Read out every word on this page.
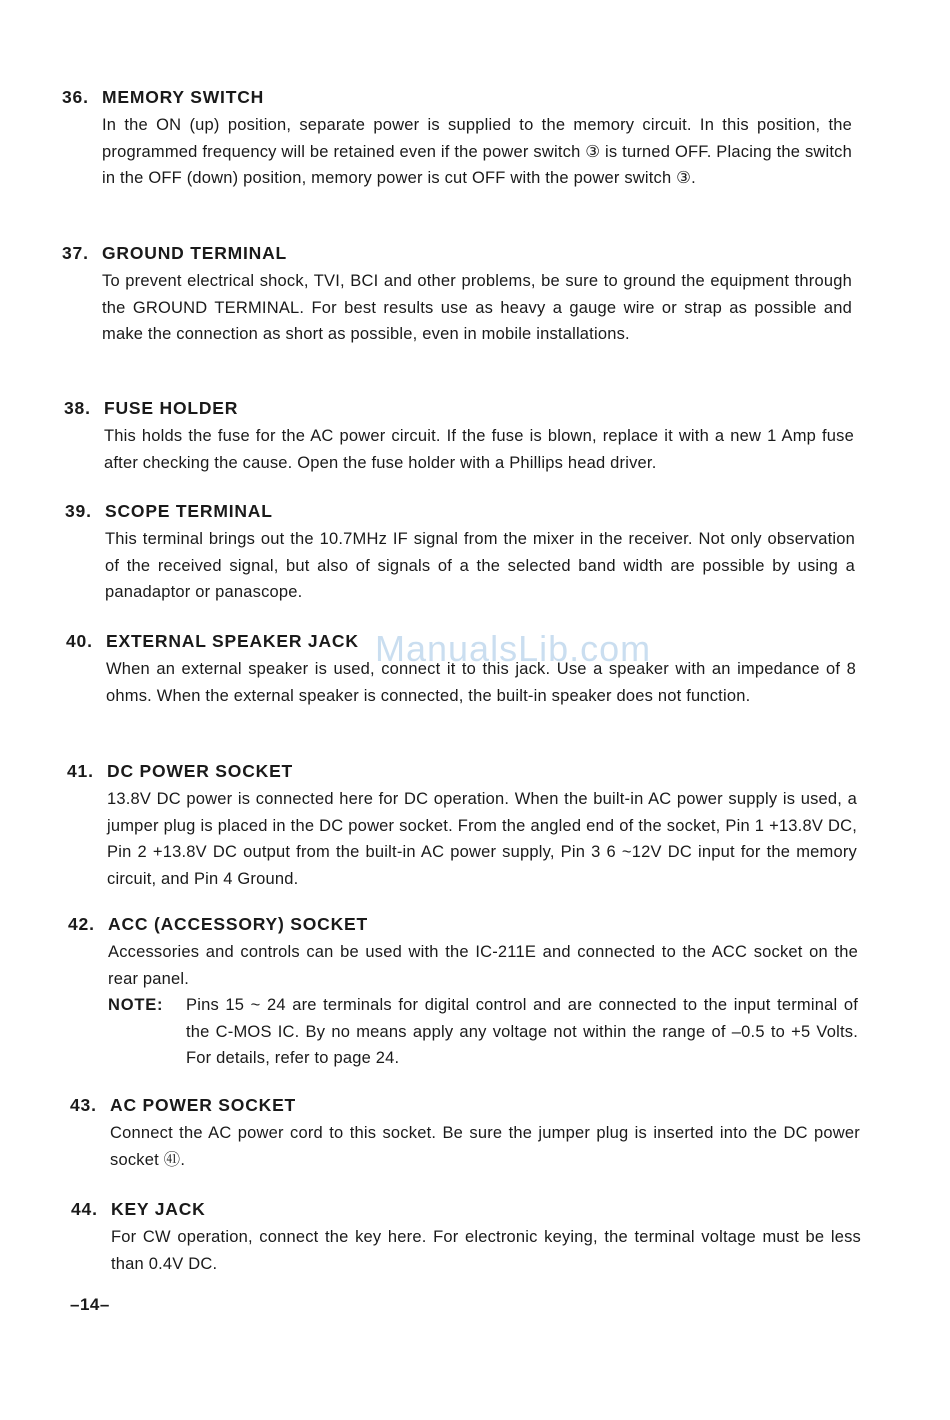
36. MEMORY SWITCH
In the ON (up) position, separate power is supplied to the memory circuit. In this position, the programmed frequency will be retained even if the power switch ③ is turned OFF. Placing the switch in the OFF (down) position, memory power is cut OFF with the power switch ③.
37. GROUND TERMINAL
To prevent electrical shock, TVI, BCI and other problems, be sure to ground the equipment through the GROUND TERMINAL. For best results use as heavy a gauge wire or strap as possible and make the connection as short as possible, even in mobile installations.
38. FUSE HOLDER
This holds the fuse for the AC power circuit. If the fuse is blown, replace it with a new 1 Amp fuse after checking the cause. Open the fuse holder with a Phillips head driver.
39. SCOPE TERMINAL
This terminal brings out the 10.7MHz IF signal from the mixer in the receiver. Not only observation of the received signal, but also of signals of a the selected band width are possible by using a panadaptor or panascope.
40. EXTERNAL SPEAKER JACK
When an external speaker is used, connect it to this jack. Use a speaker with an impedance of 8 ohms. When the external speaker is connected, the built-in speaker does not function.
41. DC POWER SOCKET
13.8V DC power is connected here for DC operation. When the built-in AC power supply is used, a jumper plug is placed in the DC power socket. From the angled end of the socket, Pin 1 +13.8V DC, Pin 2 +13.8V DC output from the built-in AC power supply, Pin 3 6 ~12V DC input for the memory circuit, and Pin 4 Ground.
42. ACC (ACCESSORY) SOCKET
Accessories and controls can be used with the IC-211E and connected to the ACC socket on the rear panel.
NOTE:	Pins 15 ~ 24 are terminals for digital control and are connected to the input terminal of the C-MOS IC. By no means apply any voltage not within the range of –0.5 to +5 Volts. For details, refer to page 24.
43. AC POWER SOCKET
Connect the AC power cord to this socket. Be sure the jumper plug is inserted into the DC power socket ㊶.
44. KEY JACK
For CW operation, connect the key here. For electronic keying, the terminal voltage must be less than 0.4V DC.
ManualsLib.com
–14–
